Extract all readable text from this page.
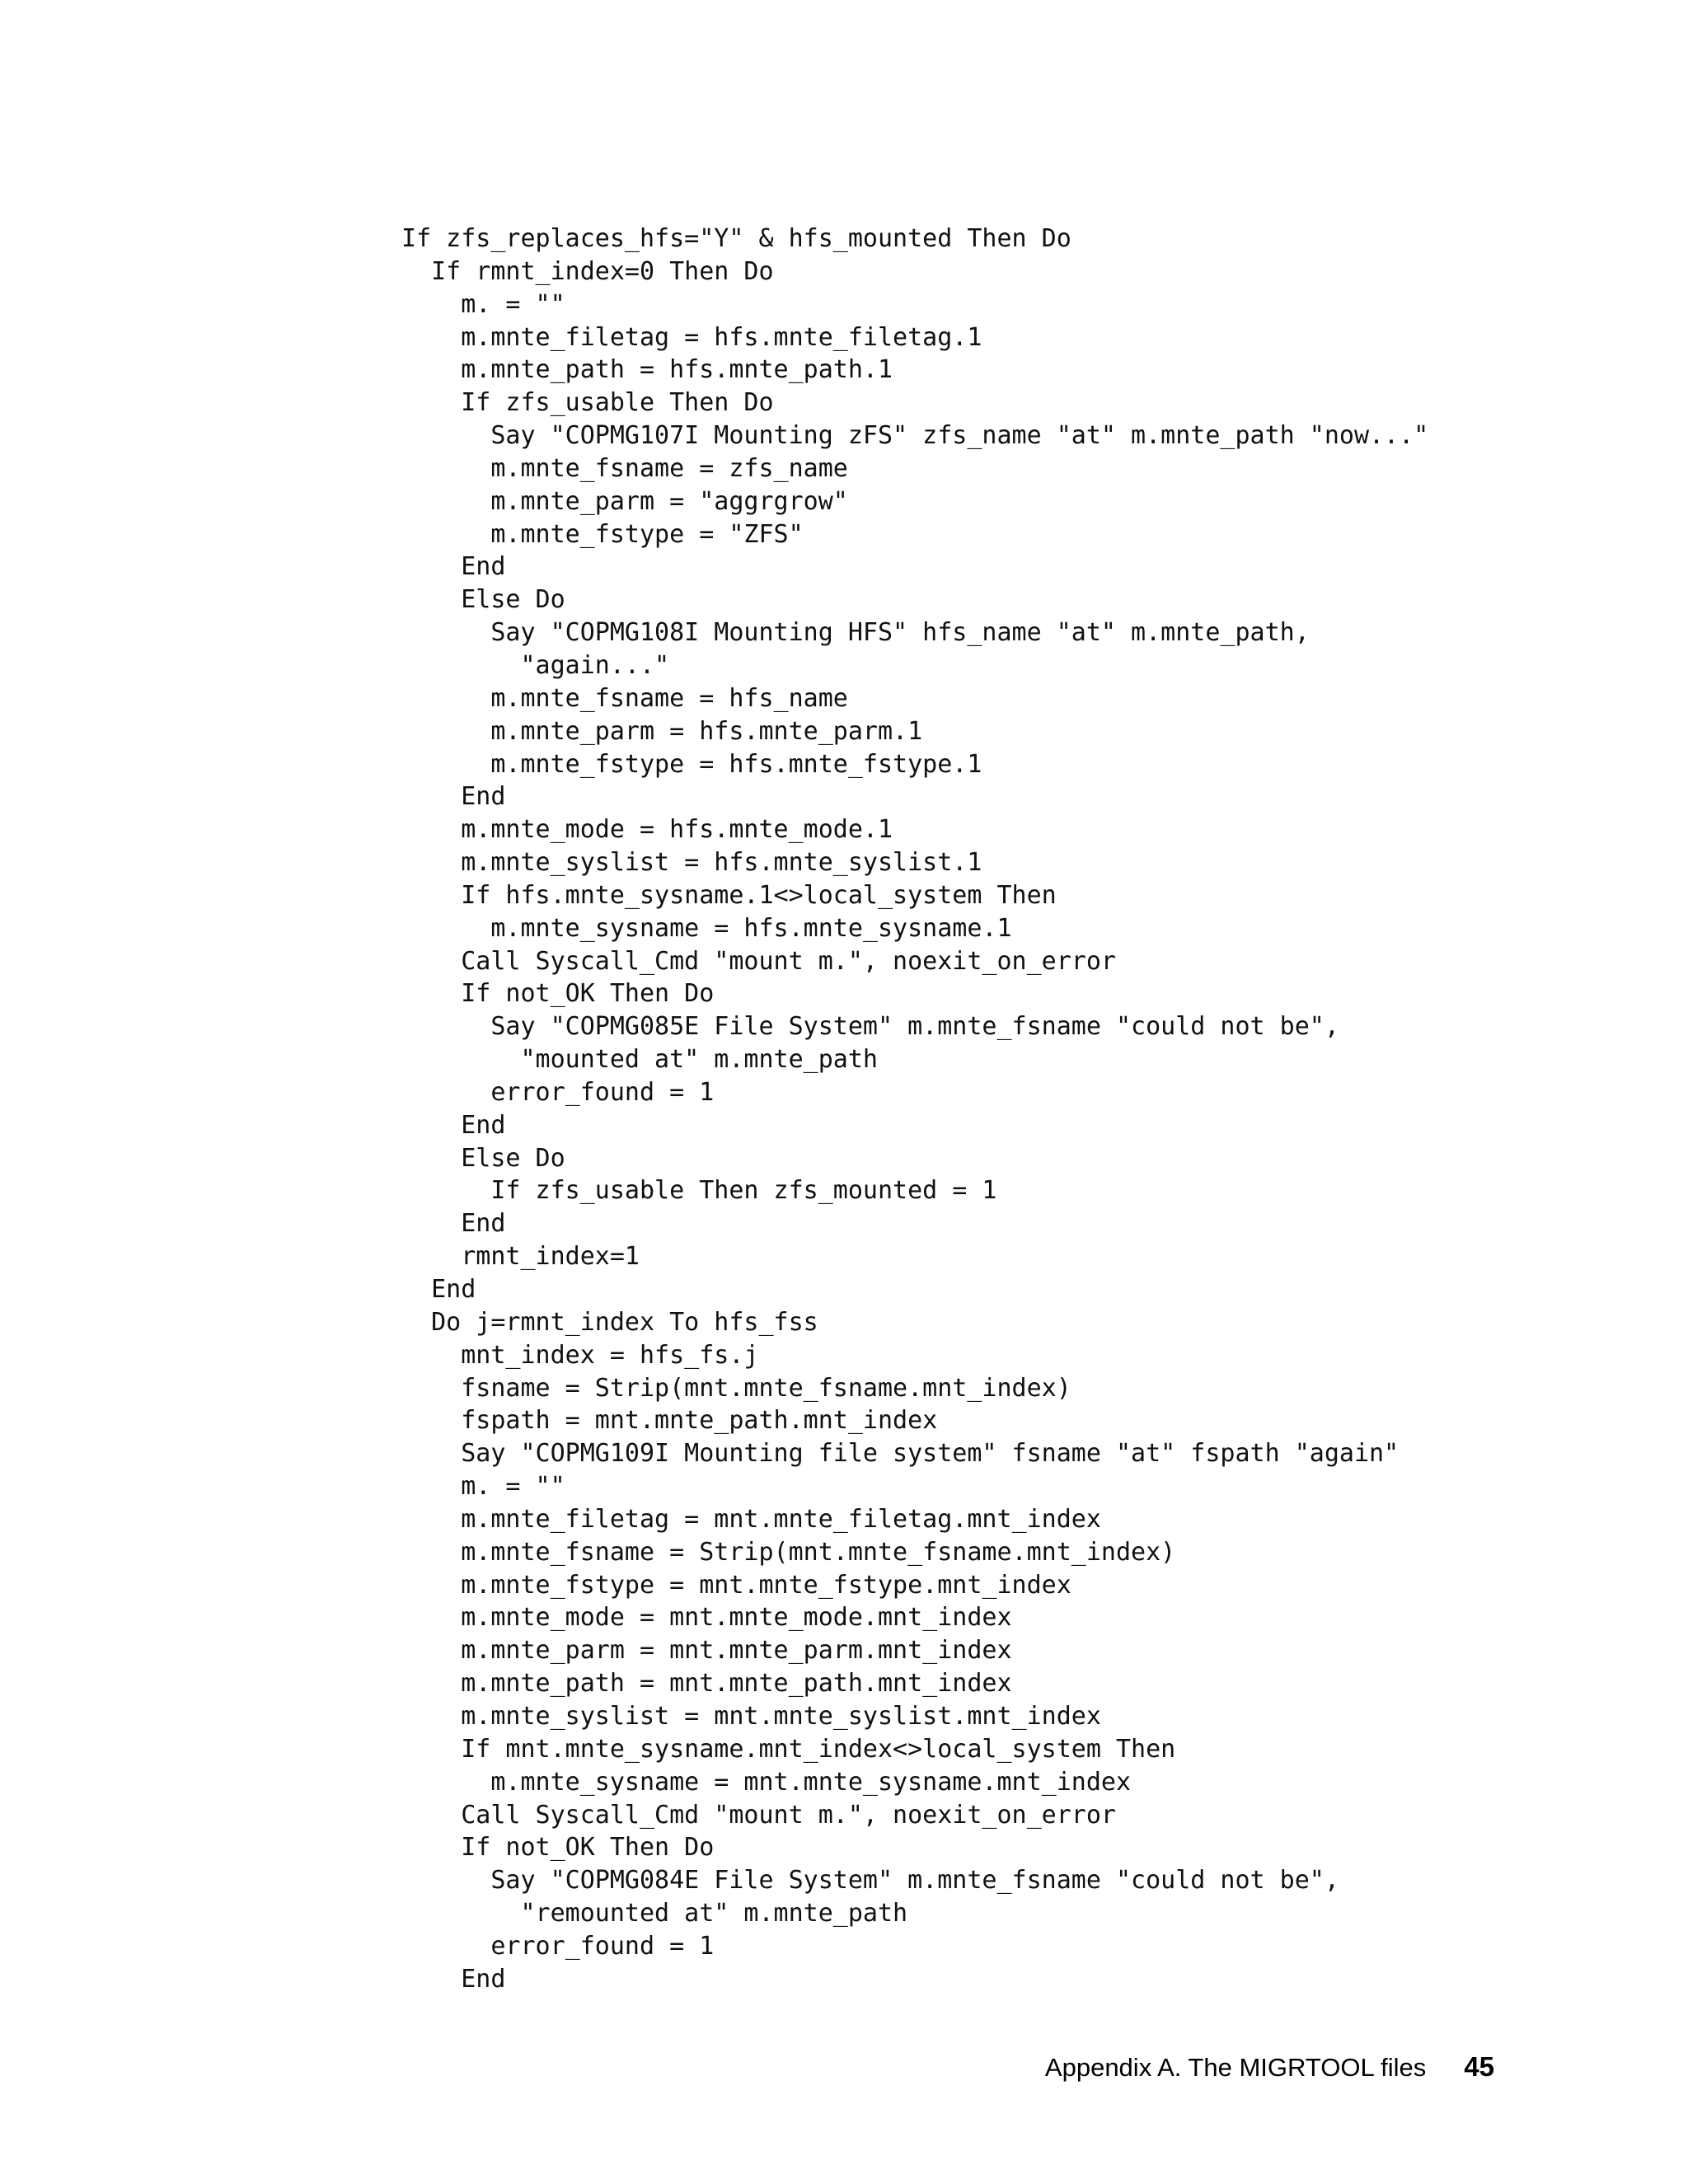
If zfs_replaces_hfs="Y" & hfs_mounted Then Do
If rmnt_index=0 Then Do
m. = ""
m.mnte_filetag = hfs.mnte_filetag.1
m.mnte_path = hfs.mnte_path.1
If zfs_usable Then Do
Say "COPMG107I Mounting zFS" zfs_name "at" m.mnte_path "now..."
m.mnte_fsname = zfs_name
m.mnte_parm = "aggrgrow"
m.mnte_fstype = "ZFS"
End
Else Do
Say "COPMG108I Mounting HFS" hfs_name "at" m.mnte_path,
"again..."
m.mnte_fsname = hfs_name
m.mnte_parm = hfs.mnte_parm.1
m.mnte_fstype = hfs.mnte_fstype.1
End
m.mnte_mode = hfs.mnte_mode.1
m.mnte_syslist = hfs.mnte_syslist.1
If hfs.mnte_sysname.1<>local_system Then
m.mnte_sysname = hfs.mnte_sysname.1
Call Syscall_Cmd "mount m.", noexit_on_error
If not_OK Then Do
Say "COPMG085E File System" m.mnte_fsname "could not be",
"mounted at" m.mnte_path
error_found = 1
End
Else Do
If zfs_usable Then zfs_mounted = 1
End
rmnt_index=1
End
Do j=rmnt_index To hfs_fss
mnt_index = hfs_fs.j
fsname = Strip(mnt.mnte_fsname.mnt_index)
fspath = mnt.mnte_path.mnt_index
Say "COPMG109I Mounting file system" fsname "at" fspath "again"
m. = ""
m.mnte_filetag = mnt.mnte_filetag.mnt_index
m.mnte_fsname = Strip(mnt.mnte_fsname.mnt_index)
m.mnte_fstype = mnt.mnte_fstype.mnt_index
m.mnte_mode = mnt.mnte_mode.mnt_index
m.mnte_parm = mnt.mnte_parm.mnt_index
m.mnte_path = mnt.mnte_path.mnt_index
m.mnte_syslist = mnt.mnte_syslist.mnt_index
If mnt.mnte_sysname.mnt_index<>local_system Then
m.mnte_sysname = mnt.mnte_sysname.mnt_index
Call Syscall_Cmd "mount m.", noexit_on_error
If not_OK Then Do
Say "COPMG084E File System" m.mnte_fsname "could not be",
"remounted at" m.mnte_path
error_found = 1
End
Appendix A. The MIGRTOOL files 45
